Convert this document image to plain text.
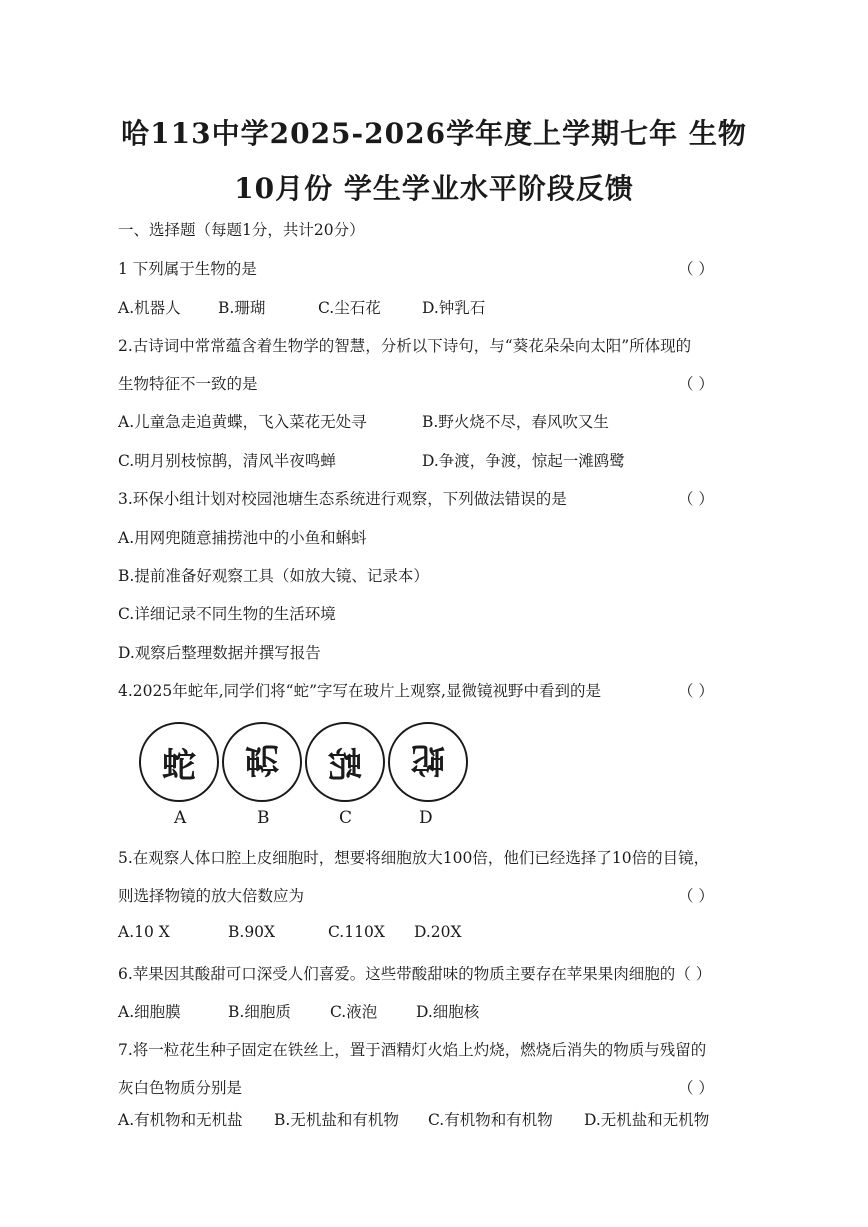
哈113中学2025-2026学年度上学期七年 生物
10月份 学生学业水平阶段反馈
一、选择题（每题1分，共计20分）
1 下列属于生物的是	（ ）
A.机器人 B.珊瑚	C.尘石花	D.钟乳石
2.古诗词中常常蕴含着生物学的智慧，分析以下诗句，与“葵花朵朵向太阳”所体现的
生物特征不一致的是	（ ）
A.儿童急走追黄蝶，飞入菜花无处寻	B.野火烧不尽，春风吹又生
C.明月别枝惊鹊，清风半夜鸣蝉	D.争渡，争渡，惊起一滩鸥鹭
3.环保小组计划对校园池塘生态系统进行观察，下列做法错误的是	（ ）
A.用网兜随意捕捞池中的小鱼和蝌蚪
B.提前准备好观察工具（如放大镜、记录本）
C.详细记录不同生物的生活环境
D.观察后整理数据并撰写报告
4.2025年蛇年,同学们将“蛇”字写在玻片上观察,显微镜视野中看到的是	（ ）
蛇 蛇 蛇 蛇
A	B	C	D
5.在观察人体口腔上皮细胞时，想要将细胞放大100倍，他们已经选择了10倍的目镜，
则选择物镜的放大倍数应为	（ ）
A.10 X	B.90X	C.110X D.20X
6.苹果因其酸甜可口深受人们喜爱。这些带酸甜味的物质主要存在苹果果肉细胞的（ ）
A.细胞膜	B.细胞质	C.液泡	D.细胞核
7.将一粒花生种子固定在铁丝上，置于酒精灯火焰上灼烧，燃烧后消失的物质与残留的
灰白色物质分别是	（ ）
A.有机物和无机盐 B.无机盐和有机物 C.有机物和有机物 D.无机盐和无机物
